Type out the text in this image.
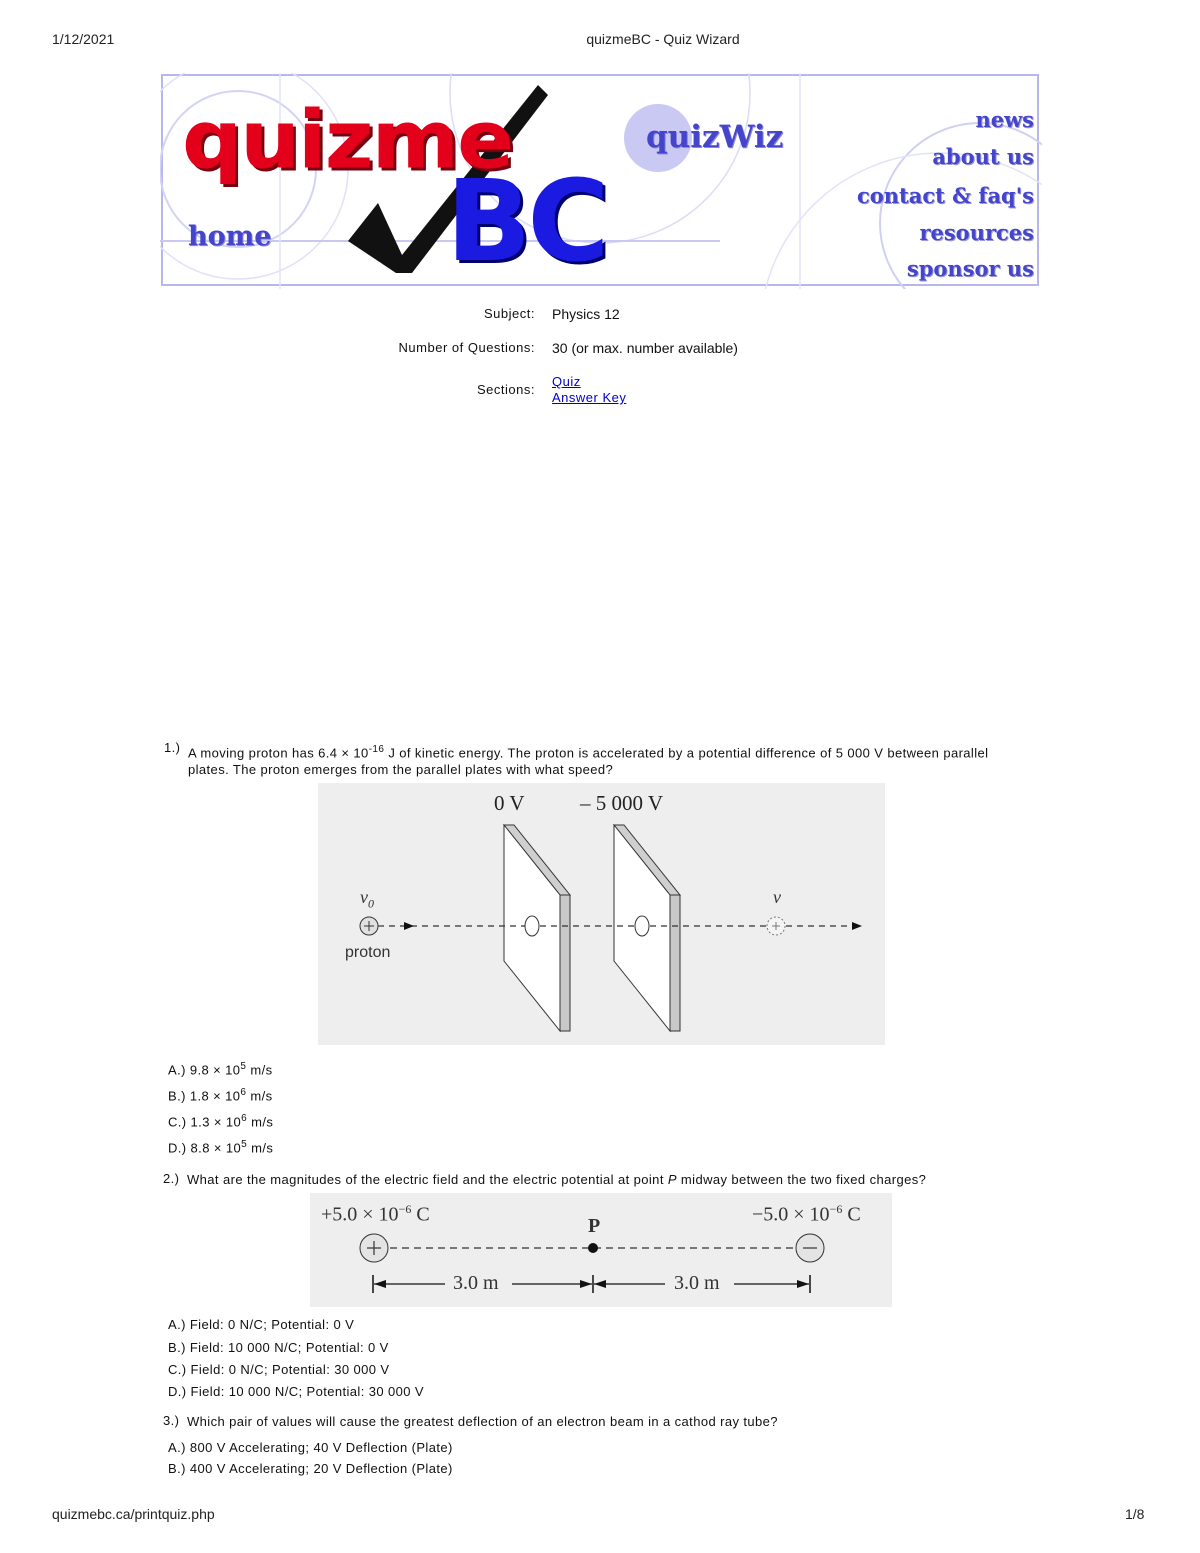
1/12/2021	quizmeBC - Quiz Wizard
quizme
BC
quizWiz
home
news
about us
contact & faq's
resources
sponsor us
Subject: Physics 12
Number of Questions: 30 (or max. number available)
Sections:
Quiz
Answer Key
1.) A moving proton has $6.4 \times 10^{-16}$ J of kinetic energy. The proton is accelerated by a potential difference of 5 000 V between parallel
plates. The proton emerges from the parallel plates with what speed?
0 V	– 5 000 V
$v_0$	v
proton
A.) $9.8 \times 10^5$ m/s
B.) $1.8 \times 10^6$ m/s
C.) $1.3 \times 10^6$ m/s
D.) $8.8 \times 10^5$ m/s
2.) What are the magnitudes of the electric field and the electric potential at point P midway between the two fixed charges?
$+5.0 \times 10^{-6}$ C	$-5.0 \times 10^{-6}$ C
P
3.0 m	3.0 m
A.) Field: 0 N/C; Potential: 0 V
B.) Field: 10 000 N/C; Potential: 0 V
C.) Field: 0 N/C; Potential: 30 000 V
D.) Field: 10 000 N/C; Potential: 30 000 V
3.) Which pair of values will cause the greatest deflection of an electron beam in a cathod ray tube?
A.) 800 V Accelerating; 40 V Deflection (Plate)
B.) 400 V Accelerating; 20 V Deflection (Plate)
quizmebc.ca/printquiz.php	1/8
